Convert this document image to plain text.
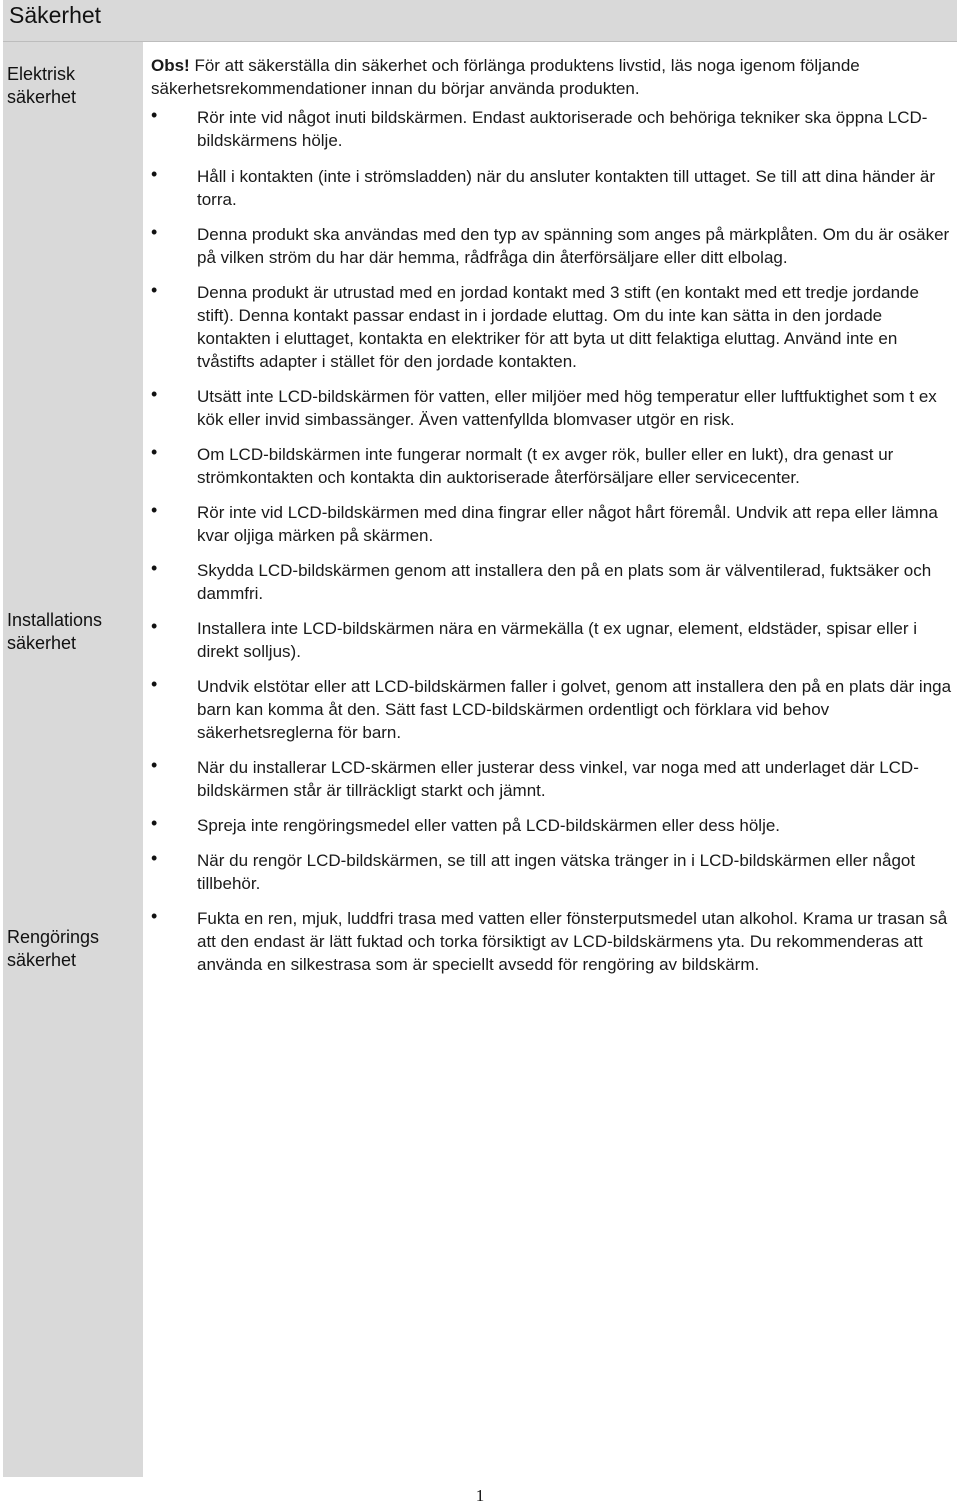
Säkerhet
Elektrisk
säkerhet
Installations
säkerhet
Rengörings
säkerhet

Obs! För att säkerställa din säkerhet och förlänga produktens livstid, läs noga igenom följande säkerhetsrekommendationer innan du börjar använda produkten.

• Rör inte vid något inuti bildskärmen. Endast auktoriserade och behöriga tekniker ska öppna LCD-bildskärmens hölje.
• Håll i kontakten (inte i strömsladden) när du ansluter kontakten till uttaget. Se till att dina händer är torra.
• Denna produkt ska användas med den typ av spänning som anges på märkplåten. Om du är osäker på vilken ström du har där hemma, rådfråga din återförsäljare eller ditt elbolag.
• Denna produkt är utrustad med en jordad kontakt med 3 stift (en kontakt med ett tredje jordande stift). Denna kontakt passar endast in i jordade eluttag. Om du inte kan sätta in den jordade kontakten i eluttaget, kontakta en elektriker för att byta ut ditt felaktiga eluttag. Använd inte en tvåstifts adapter i stället för den jordade kontakten.
• Utsätt inte LCD-bildskärmen för vatten, eller miljöer med hög temperatur eller luftfuktighet som t ex kök eller invid simbassänger. Även vattenfyllda blomvaser utgör en risk.
• Om LCD-bildskärmen inte fungerar normalt (t ex avger rök, buller eller en lukt), dra genast ur strömkontakten och kontakta din auktoriserade återförsäljare eller servicecenter.
• Rör inte vid LCD-bildskärmen med dina fingrar eller något hårt föremål. Undvik att repa eller lämna kvar oljiga märken på skärmen.
• Skydda LCD-bildskärmen genom att installera den på en plats som är välventilerad, fuktsäker och dammfri.
• Installera inte LCD-bildskärmen nära en värmekälla (t ex ugnar, element, eldstäder, spisar eller i direkt solljus).
• Undvik elstötar eller att LCD-bildskärmen faller i golvet, genom att installera den på en plats där inga barn kan komma åt den. Sätt fast LCD-bildskärmen ordentligt och förklara vid behov säkerhetsreglerna för barn.
• När du installerar LCD-skärmen eller justerar dess vinkel, var noga med att underlaget där LCD-bildskärmen står är tillräckligt starkt och jämnt.
• Spreja inte rengöringsmedel eller vatten på LCD-bildskärmen eller dess hölje.
• När du rengör LCD-bildskärmen, se till att ingen vätska tränger in i LCD-bildskärmen eller något tillbehör.
• Fukta en ren, mjuk, luddfri trasa med vatten eller fönsterputsmedel utan alkohol. Krama ur trasan så att den endast är lätt fuktad och torka försiktigt av LCD-bildskärmens yta. Du rekommenderas att använda en silkestrasa som är speciellt avsedd för rengöring av bildskärm.
1
